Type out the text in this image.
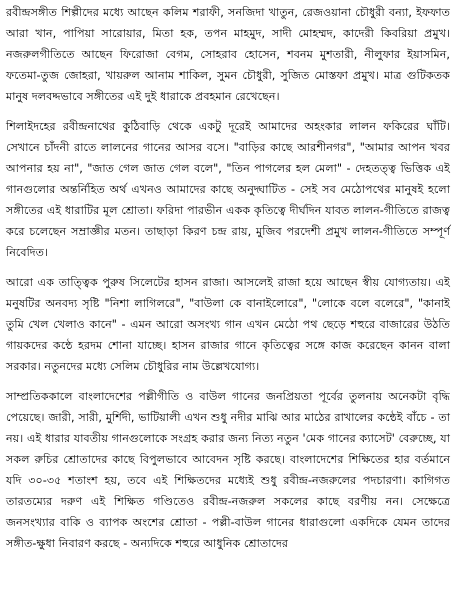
রবীন্দ্রসঙ্গীত শিল্পীদের মধ্যে আছেন কলিম শরাফী, সনজিদা খাতুন, রেজওয়ানা চৌধুরী বন্যা, ইফফাত আরা খান, পাপিয়া সারোয়ার, মিতা হক, তপন মাহমুদ, সাদী মোহম্মদ, কাদেরী কিবরিয়া প্রমুখ। নজরুলগীতিতে আছেন ফিরোজা বেগম, সোহরাব হোসেন, শবনম মুশতারী, নীলুফার ইয়াসমিন, ফতেমা-তুজ জোহরা, খায়রুল আনাম শাকিল, সুমন চৌধুরী, সুজিত মোস্তফা প্রমুখ। মাত্র গুটিকতক মানুষ দলবদ্দভাবে সঙ্গীতের এই দুই ধারাকে প্রবহমান রেখেছেন।

শিলাইদহের রবীন্দ্রনাথের কুঠিবাড়ি থেকে একটু দূরেই আমাদের অহংকার লালন ফকিরের ঘাঁটি। সেখানে চাঁদনী রাতে লালনের গানের আসর বসে। "বাড়ির কাছে আরশীনগর", "আমার আপন খবর আপনার হয় না", "জাত গেল জাত গেল বলে", "তিন পাগলের হল মেলা" - দেহতত্ত্ব ভিত্তিক এই গানগুলোর অন্তর্নিহিত অর্থ এখনও আমাদের কাছে অনুদ্ঘাটিত - সেই সব মেঠোপথের মানুষই হলো সঙ্গীতের এই ধারাটির মূল শ্রোতা। ফরিদা পারভীন একক কৃতিত্বে দীর্ঘদিন যাবত লালন-গীতিতে রাজত্ব করে চলেছেন সম্রাজ্ঞীর মতন। তাছাড়া কিরণ চন্দ্র রায়, মুজিব পরদেশী প্রমুখ লালন-গীতিতে সম্পূর্ণ নিবেদিত।

আরো এক তাত্ত্বিক পুরুষ সিলেটের হাসন রাজা। আসলেই রাজা হয়ে আছেন স্বীয় যোগ্যতায়। এই মনুষটির অনবদ্য সৃষ্টি "নিশা লাগিলরে", "বাউলা কে বানাইলোরে", "লোকে বলে বলেরে", "কানাই তুমি খেল খেলাও কানে" - এমন আরো অসংখ্য গান এখন মেঠো পথ ছেড়ে শহুরে বাজারের উঠতি গায়কদের কন্ঠে হরদম শোনা যাচ্ছে। হাসন রাজার গানে কৃতিত্বের সঙ্গে কাজ করেছেন কানন বালা সরকার। নতুনদের মধ্যে সেলিম চৌধুরির নাম উল্লেখযোগ্য।

সাম্প্রতিককালে বাংলাদেশের পল্লীগীতি ও বাউল গানের জনপ্রিয়তা পূর্বের তুলনায় অনেকটা বৃদ্ধি পেয়েছে। জারী, সারী, মুর্শিদী, ভাটিয়ালী এখন শুধু নদীর মাঝি আর মাঠের রাখালের কন্ঠেই বাঁচে - তা নয়। এই ধারার যাবতীয় গানগুলোকে সংগ্রহ করার জন্য নিত্য নতুন 'মেক গানের ক্যাসেট' বেরুচ্ছে, যা সকল রুচির শ্রোতাদের কাছে বিপুলভাবে আবেদন সৃষ্টি করছে। বাংলাদেশের শিক্ষিতের হার বর্তমানে যদি ৩০-৩৫ শতাংশ হয়, তবে এই শিক্ষিতদের মধ্যেই শুধু রবীন্দ্র-নজরুলের পদচারণা। কাগিগত তারতম্যের দরুণ এই শিক্ষিত গণ্ডিতেও রবীন্দ্র-নজরুল সকলের কাছে বরণীয় নন। সেক্ষেত্রে জনসংখ্যার বাকি ও ব্যাপক অংশের শ্রোতা - পল্লী-বাউল গানের ধারাগুলো একদিকে যেমন তাদের সঙ্গীত-ক্ষুধা নিবারণ করছে - অন্যদিকে শহুরে আধুনিক শ্রোতাদের
